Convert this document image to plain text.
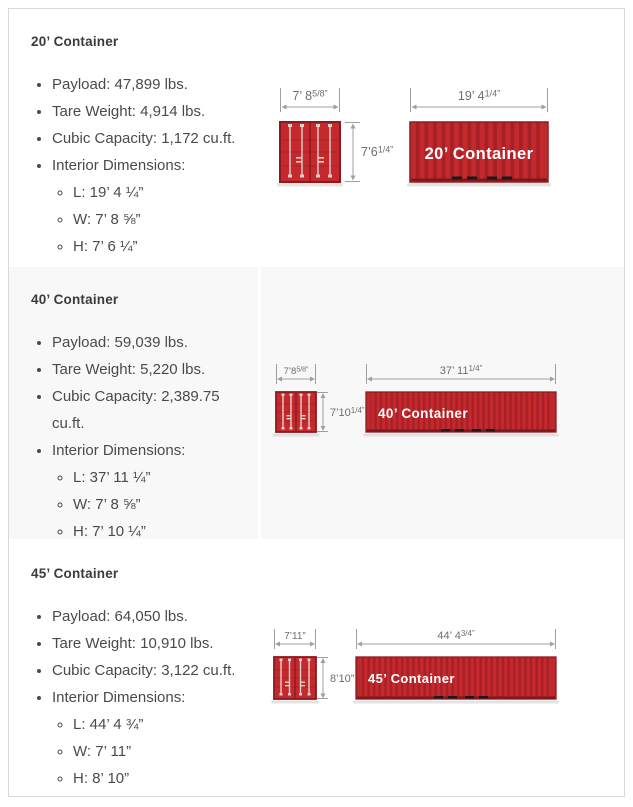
20’ Container
• Payload: 47,899 lbs.
• Tare Weight: 4,914 lbs.
• Cubic Capacity: 1,172 cu.ft.
• Interior Dimensions:
◦ L: 19’ 4 ¼”
◦ W: 7’ 8 ⅝”
◦ H: 7’ 6 ¼”
7’ $8^{5/8”}$	19’ $4^{1/4”}$
$7’6^{1/4”}$ 20’ Container
40’ Container
• Payload: 59,039 lbs.
• Tare Weight: 5,220 lbs.
• Cubic Capacity: 2,389.75 cu.ft.
• Interior Dimensions:
◦ L: 37’ 11 ¼”
◦ W: 7’ 8 ⅝”
◦ H: 7’ 10 ¼”
$7’8^{5/8”}$	37’ $11^{1/4”}$
$7’10^{1/4”}$ 40’ Container
45’ Container
• Payload: 64,050 lbs.
• Tare Weight: 10,910 lbs.
• Cubic Capacity: 3,122 cu.ft.
• Interior Dimensions:
◦ L: 44’ 4 ¾”
◦ W: 7’ 11”
◦ H: 8’ 10”
7’11”	44’ $4^{3/4”}$
8’10” 45’ Container
